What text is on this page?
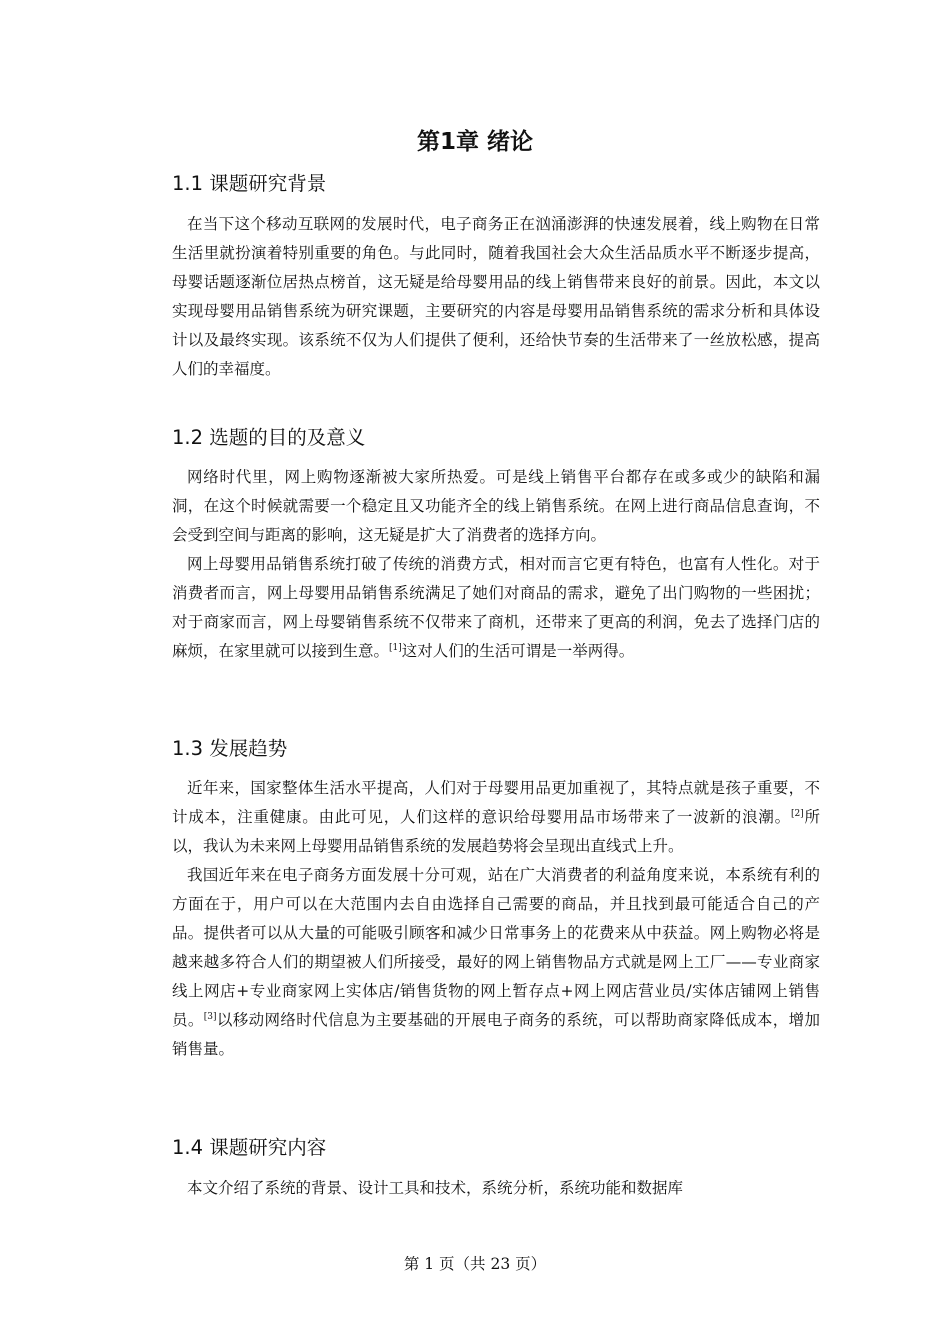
第1章 绪论
1.1 课题研究背景

在当下这个移动互联网的发展时代，电子商务正在汹涌澎湃的快速发展着，线上购物在日常生活里就扮演着特别重要的角色。与此同时，随着我国社会大众生活品质水平不断逐步提高，母婴话题逐渐位居热点榜首，这无疑是给母婴用品的线上销售带来良好的前景。因此，本文以实现母婴用品销售系统为研究课题，主要研究的内容是母婴用品销售系统的需求分析和具体设计以及最终实现。该系统不仅为人们提供了便利，还给快节奏的生活带来了一丝放松感，提高人们的幸福度。

1.2 选题的目的及意义

网络时代里，网上购物逐渐被大家所热爱。可是线上销售平台都存在或多或少的缺陷和漏洞，在这个时候就需要一个稳定且又功能齐全的线上销售系统。在网上进行商品信息查询，不会受到空间与距离的影响，这无疑是扩大了消费者的选择方向。

网上母婴用品销售系统打破了传统的消费方式，相对而言它更有特色，也富有人性化。对于消费者而言，网上母婴用品销售系统满足了她们对商品的需求，避免了出门购物的一些困扰；对于商家而言，网上母婴销售系统不仅带来了商机，还带来了更高的利润，免去了选择门店的麻烦，在家里就可以接到生意。[1]这对人们的生活可谓是一举两得。

1.3 发展趋势

近年来，国家整体生活水平提高，人们对于母婴用品更加重视了，其特点就是孩子重要，不计成本，注重健康。由此可见，人们这样的意识给母婴用品市场带来了一波新的浪潮。[2]所以，我认为未来网上母婴用品销售系统的发展趋势将会呈现出直线式上升。

我国近年来在电子商务方面发展十分可观，站在广大消费者的利益角度来说，本系统有利的方面在于，用户可以在大范围内去自由选择自己需要的商品，并且找到最可能适合自己的产品。提供者可以从大量的可能吸引顾客和减少日常事务上的花费来从中获益。网上购物必将是越来越多符合人们的期望被人们所接受，最好的网上销售物品方式就是网上工厂——专业商家线上网店+专业商家网上实体店/销售货物的网上暂存点+网上网店营业员/实体店铺网上销售员。[3]以移动网络时代信息为主要基础的开展电子商务的系统，可以帮助商家降低成本，增加销售量。

1.4 课题研究内容

本文介绍了系统的背景、设计工具和技术，系统分析，系统功能和数据库

第 1 页（共 23 页）
